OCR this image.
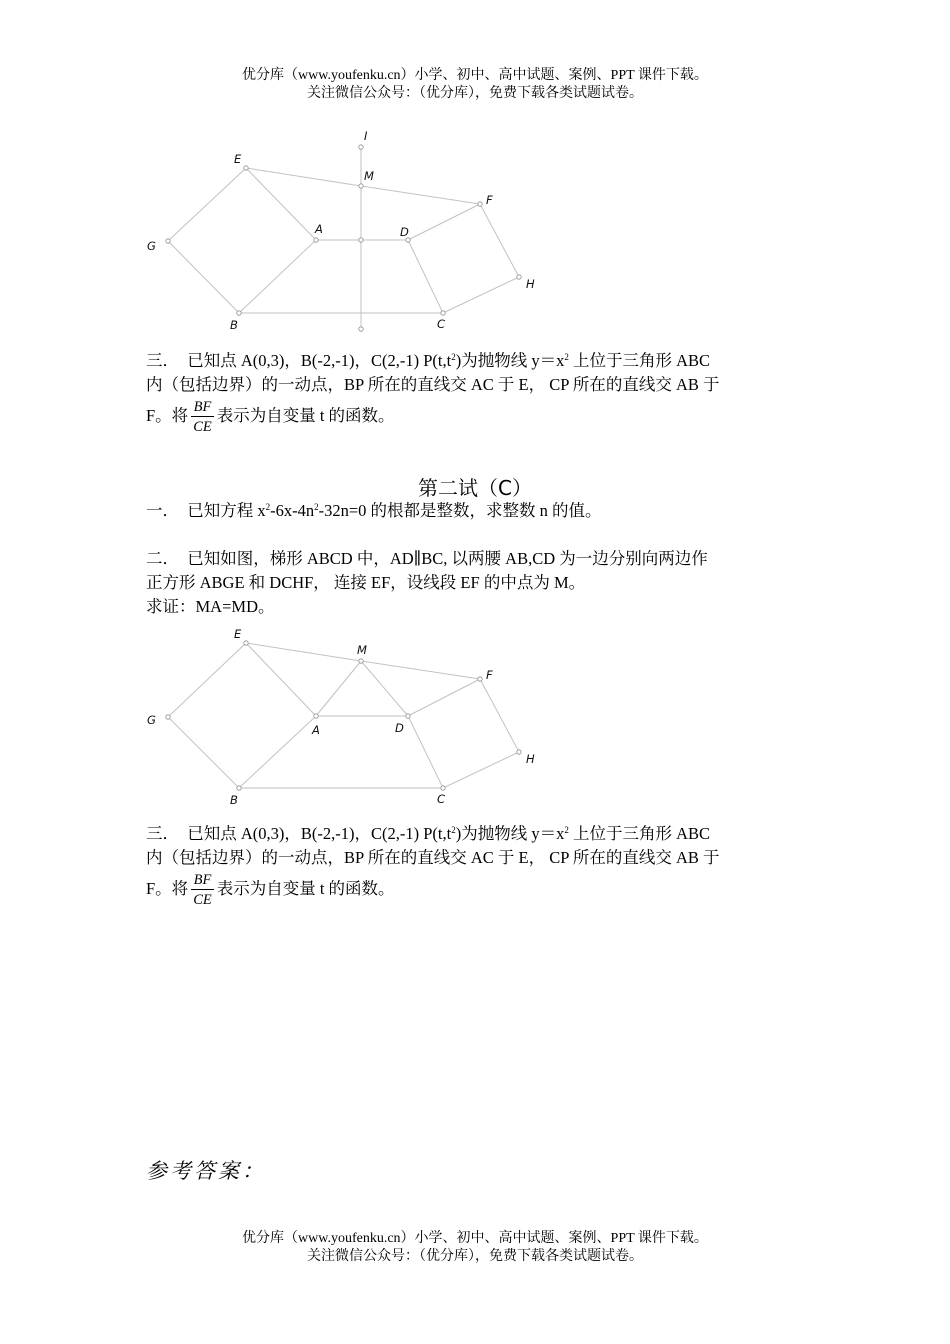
优分库（www.youfenku.cn）小学、初中、高中试题、案例、PPT 课件下载。
关注微信公众号：（优分库），免费下载各类试题试卷。
I
E
M
F
G
A	D
H
B	C
三． 已知点 A(0,3)，B(-2,-1)，C(2,-1) $P(t,t^2)$为抛物线 $y=x^2$ 上位于三角形 ABC
内（包括边界）的一动点，BP 所在的直线交 AC 于 E， CP 所在的直线交 AB 于
F。将 $\frac{BF}{CE}$ 表示为自变量 t 的函数。
第二试（C）
一． 已知方程 $x^2-6x-4n^2-32n=0$ 的根都是整数，求整数 n 的值。
二． 已知如图，梯形 ABCD 中，AD∥BC, 以两腰 AB,CD 为一边分别向两边作
正方形 ABGE 和 DCHF， 连接 EF，设线段 EF 的中点为 M。
求证：MA=MD。
E
M
F
G
A	D
H
B	C
三． 已知点 A(0,3)，B(-2,-1)，C(2,-1) $P(t,t^2)$为抛物线 $y=x^2$ 上位于三角形 ABC
内（包括边界）的一动点，BP 所在的直线交 AC 于 E， CP 所在的直线交 AB 于
F。将 $\frac{BF}{CE}$ 表示为自变量 t 的函数。
参考答案：
优分库（www.youfenku.cn）小学、初中、高中试题、案例、PPT 课件下载。
关注微信公众号：（优分库），免费下载各类试题试卷。
